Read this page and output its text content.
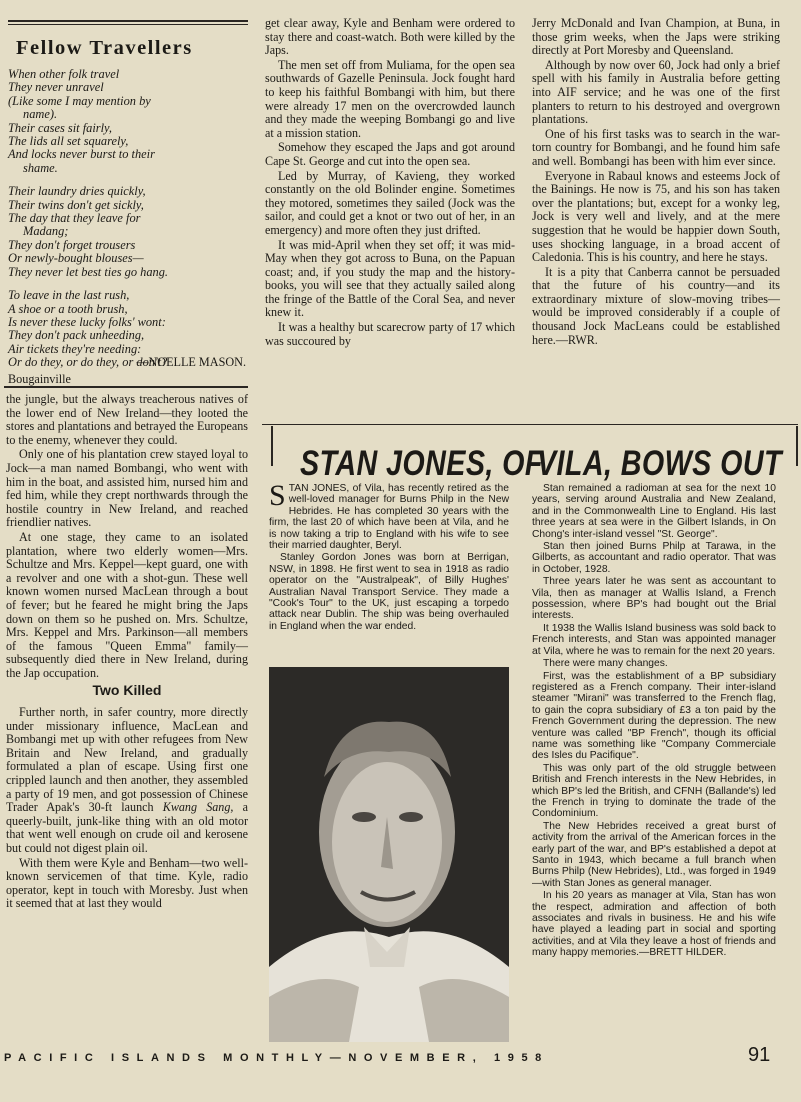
Fellow Travellers
When other folk travel
They never unravel
(Like some I may mention by
name).
Their cases sit fairly,
The lids all set squarely,
And locks never burst to their
shame.
Their laundry dries quickly,
Their twins don't get sickly,
The day that they leave for
Madang;
They don't forget trousers
Or newly-bought blouses—
They never let best ties go hang.
To leave in the last rush,
A shoe or a tooth brush,
Is never these lucky folks' wont:
They don't pack unheeding,
Air tickets they're needing:
Or do they, or do they, or don't?
—NOELLE MASON.
Bougainville

the jungle, but the always treacherous natives of the lower end of New Ireland—they looted the stores and plantations and betrayed the Europeans to the enemy, whenever they could.

Only one of his plantation crew stayed loyal to Jock—a man named Bombangi, who went with him in the boat, and assisted him, nursed him and fed him, while they crept northwards through the hostile country in New Ireland, and reached friendlier natives.

At one stage, they came to an isolated plantation, where two elderly women—Mrs. Schultze and Mrs. Keppel—kept guard, one with a revolver and one with a shot-gun. These well known women nursed MacLean through a bout of fever; but he feared he might bring the Japs down on them so he pushed on. Mrs. Schultze, Mrs. Keppel and Mrs. Parkinson—all members of the famous "Queen Emma" family—subsequently died there in New Ireland, during the Jap occupation.

Two Killed

Further north, in safer country, more directly under missionary influence, MacLean and Bombangi met up with other refugees from New Britain and New Ireland, and gradually formulated a plan of escape. Using first one crippled launch and then another, they assembled a party of 19 men, and got possession of Chinese Trader Apak's 30-ft launch Kwang Sang, a queerly-built, junk-like thing with an old motor that went well enough on crude oil and kerosene but could not digest plain oil.

With them were Kyle and Benham—two well-known servicemen of that time. Kyle, radio operator, kept in touch with Moresby. Just when it seemed that at last they would

get clear away, Kyle and Benham were ordered to stay there and coast-watch. Both were killed by the Japs.

The men set off from Muliama, for the open sea southwards of Gazelle Peninsula. Jock fought hard to keep his faithful Bombangi with him, but there were already 17 men on the overcrowded launch and they made the weeping Bombangi go and live at a mission station.

Somehow they escaped the Japs and got around Cape St. George and cut into the open sea.

Led by Murray, of Kavieng, they worked constantly on the old Bolinder engine. Sometimes they motored, sometimes they sailed (Jock was the sailor, and could get a knot or two out of her, in an emergency) and more often they just drifted.

It was mid-April when they set off; it was mid-May when they got across to Buna, on the Papuan coast; and, if you study the map and the history-books, you will see that they actually sailed along the fringe of the Battle of the Coral Sea, and never knew it.

It was a healthy but scarecrow party of 17 which was succoured by

Jerry McDonald and Ivan Champion, at Buna, in those grim weeks, when the Japs were striking directly at Port Moresby and Queensland.

Although by now over 60, Jock had only a brief spell with his family in Australia before getting into AIF service; and he was one of the first planters to return to his destroyed and overgrown plantations.

One of his first tasks was to search in the war-torn country for Bombangi, and he found him safe and well. Bombangi has been with him ever since.

Everyone in Rabaul knows and esteems Jock of the Bainings. He now is 75, and his son has taken over the plantations; but, except for a wonky leg, Jock is very well and lively, and at the mere suggestion that he would be happier down South, uses shocking language, in a broad accent of Caledonia. This is his country, and here he stays.

It is a pity that Canberra cannot be persuaded that the future of his country—and its extraordinary mixture of slow-moving tribes—would be improved considerably if a couple of thousand Jock MacLeans could be established here.—RWR.

STAN JONES, OF
VILA, BOWS OUT

STAN JONES, of Vila, has recently retired as the well-loved manager for Burns Philp in the New Hebrides. He has completed 30 years with the firm, the last 20 of which have been at Vila, and he is now taking a trip to England with his wife to see their married daughter, Beryl.

Stanley Gordon Jones was born at Berrigan, NSW, in 1898. He first went to sea in 1918 as radio operator on the "Australpeak", of Billy Hughes' Australian Naval Transport Service. They made a "Cook's Tour" to the UK, just escaping a torpedo attack near Dublin. The ship was being overhauled in England when the war ended.

Stan remained a radioman at sea for the next 10 years, serving around Australia and New Zealand, and in the Commonwealth Line to England. His last three years at sea were in the Gilbert Islands, in On Chong's inter-island vessel "St. George".

Stan then joined Burns Philp at Tarawa, in the Gilberts, as accountant and radio operator. That was in October, 1928.

Three years later he was sent as accountant to Vila, then as manager at Wallis Island, a French possession, where BP's had bought out the Brial interests.

It 1938 the Wallis Island business was sold back to French interests, and Stan was appointed manager at Vila, where he was to remain for the next 20 years.

There were many changes.

First, was the establishment of a BP subsidiary registered as a French company. Their inter-island steamer "Mirani" was transferred to the French flag, to gain the copra subsidiary of £3 a ton paid by the French Government during the depression. The new venture was called "BP French", though its official name was something like "Company Commerciale des Isles du Pacifique".

This was only part of the old struggle between British and French interests in the New Hebrides, in which BP's led the British, and CFNH (Ballande's) led the French in trying to dominate the trade of the Condominium.

The New Hebrides received a great burst of activity from the arrival of the American forces in the early part of the war, and BP's established a depot at Santo in 1943, which became a full branch when Burns Philp (New Hebrides), Ltd., was forged in 1949—with Stan Jones as general manager.

In his 20 years as manager at Vila, Stan has won the respect, admiration and affection of both associates and rivals in business. He and his wife have played a leading part in social and sporting activities, and at Vila they leave a host of friends and many happy memories.—BRETT HILDER.

PACIFIC ISLANDS MONTHLY—NOVEMBER, 1958	91
